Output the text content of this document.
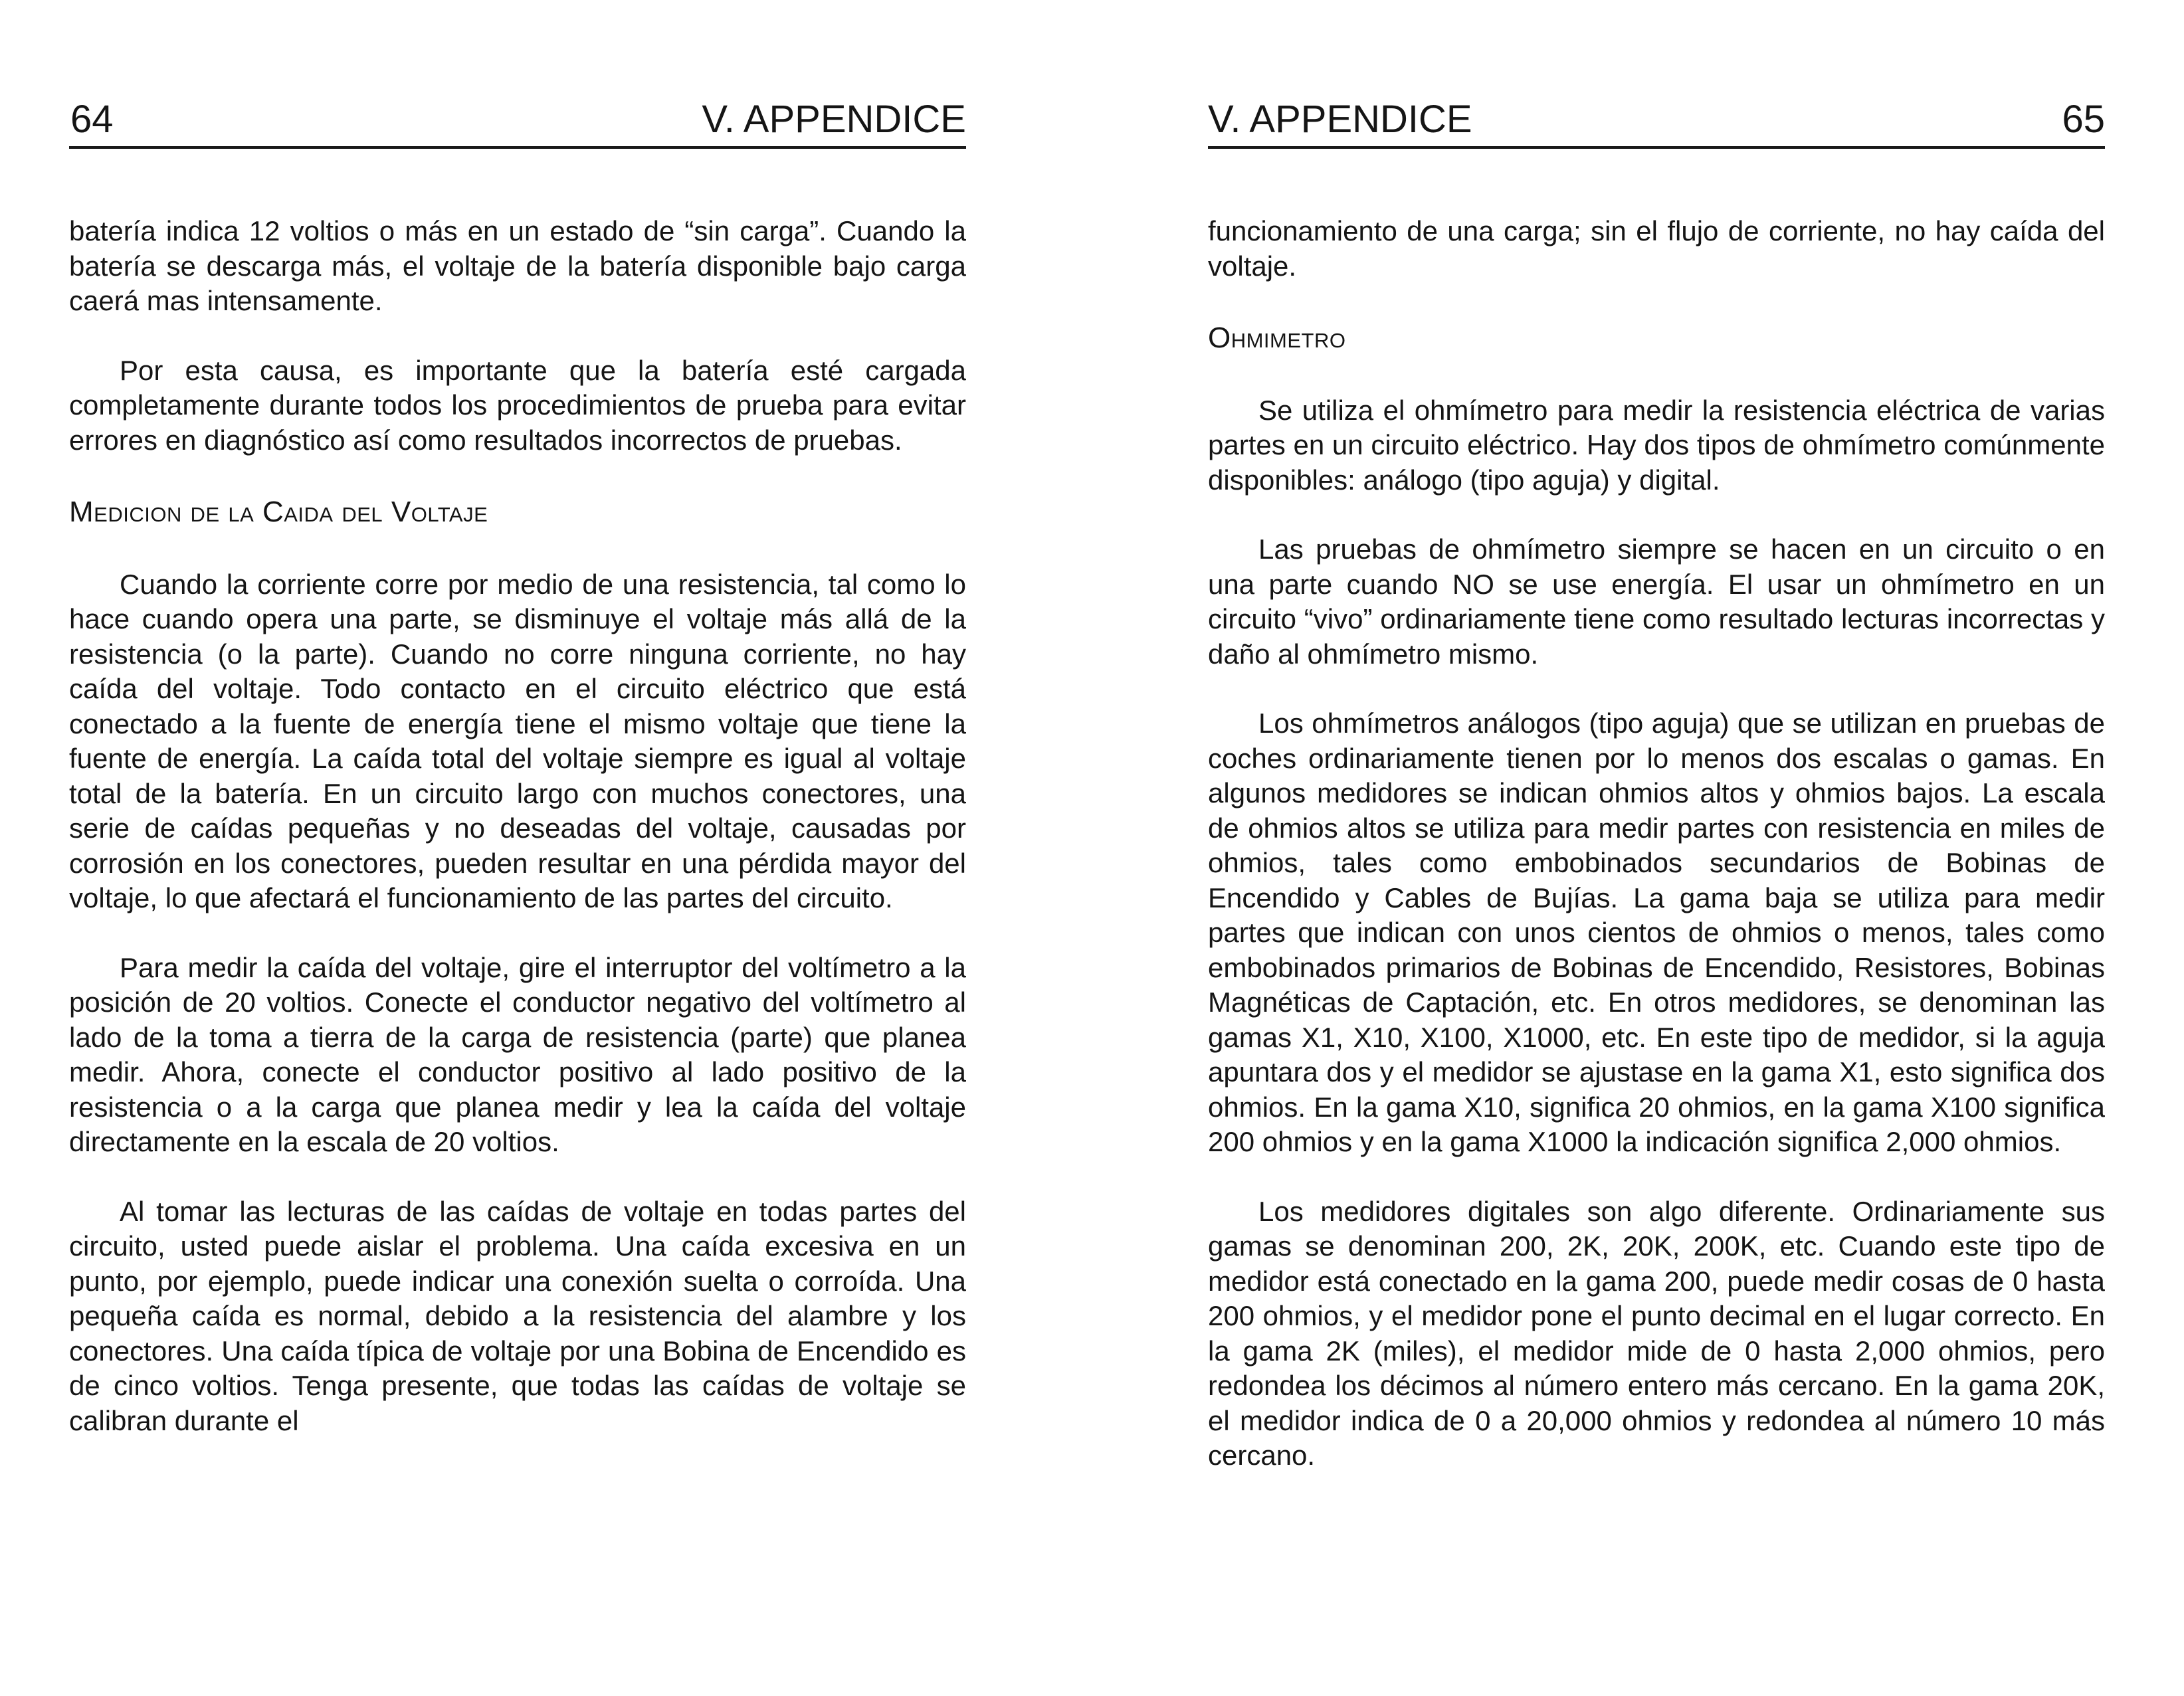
64	V. APPENDICE

batería indica 12 voltios o más en un estado de “sin carga”. Cuando la batería se descarga más, el voltaje de la batería disponible bajo carga caerá mas intensamente.

Por esta causa, es importante que la batería esté cargada completamente durante todos los procedimientos de prueba para evitar errores en diagnóstico así como resultados incorrectos de pruebas.

Medicion de la Caida del Voltaje

Cuando la corriente corre por medio de una resistencia, tal como lo hace cuando opera una parte, se disminuye el voltaje más allá de la resistencia (o la parte). Cuando no corre ninguna corriente, no hay caída del voltaje. Todo contacto en el circuito eléctrico que está conectado a la fuente de energía tiene el mismo voltaje que tiene la fuente de energía. La caída total del voltaje siempre es igual al voltaje total de la batería. En un circuito largo con muchos conectores, una serie de caídas pequeñas y no deseadas del voltaje, causadas por corrosión en los conectores, pueden resultar en una pérdida mayor del voltaje, lo que afectará el funcionamiento de las partes del circuito.

Para medir la caída del voltaje, gire el interruptor del voltímetro a la posición de 20 voltios. Conecte el conductor negativo del voltímetro al lado de la toma a tierra de la carga de resistencia (parte) que planea medir. Ahora, conecte el conductor positivo al lado positivo de la resistencia o a la carga que planea medir y lea la caída del voltaje directamente en la escala de 20 voltios.

Al tomar las lecturas de las caídas de voltaje en todas partes del circuito, usted puede aislar el problema. Una caída excesiva en un punto, por ejemplo, puede indicar una conexión suelta o corroída. Una pequeña caída es normal, debido a la resistencia del alambre y los conectores. Una caída típica de voltaje por una Bobina de Encendido es de cinco voltios. Tenga presente, que todas las caídas de voltaje se calibran durante el

V. APPENDICE	65

funcionamiento de una carga; sin el flujo de corriente, no hay caída del voltaje.

Ohmimetro

Se utiliza el ohmímetro para medir la resistencia eléctrica de varias partes en un circuito eléctrico. Hay dos tipos de ohmímetro comúnmente disponibles: análogo (tipo aguja) y digital.

Las pruebas de ohmímetro siempre se hacen en un circuito o en una parte cuando NO se use energía. El usar un ohmímetro en un circuito “vivo” ordinariamente tiene como resultado lecturas incorrectas y daño al ohmímetro mismo.

Los ohmímetros análogos (tipo aguja) que se utilizan en pruebas de coches ordinariamente tienen por lo menos dos escalas o gamas. En algunos medidores se indican ohmios altos y ohmios bajos. La escala de ohmios altos se utiliza para medir partes con resistencia en miles de ohmios, tales como embobinados secundarios de Bobinas de Encendido y Cables de Bujías. La gama baja se utiliza para medir partes que indican con unos cientos de ohmios o menos, tales como embobinados primarios de Bobinas de Encendido, Resistores, Bobinas Magnéticas de Captación, etc. En otros medidores, se denominan las gamas X1, X10, X100, X1000, etc. En este tipo de medidor, si la aguja apuntara dos y el medidor se ajustase en la gama X1, esto significa dos ohmios. En la gama X10, significa 20 ohmios, en la gama X100 significa 200 ohmios y en la gama X1000 la indicación significa 2,000 ohmios.

Los medidores digitales son algo diferente. Ordinariamente sus gamas se denominan 200, 2K, 20K, 200K, etc. Cuando este tipo de medidor está conectado en la gama 200, puede medir cosas de 0 hasta 200 ohmios, y el medidor pone el punto decimal en el lugar correcto. En la gama 2K (miles), el medidor mide de 0 hasta 2,000 ohmios, pero redondea los décimos al número entero más cercano. En la gama 20K, el medidor indica de 0 a 20,000 ohmios y redondea al número 10 más cercano.
